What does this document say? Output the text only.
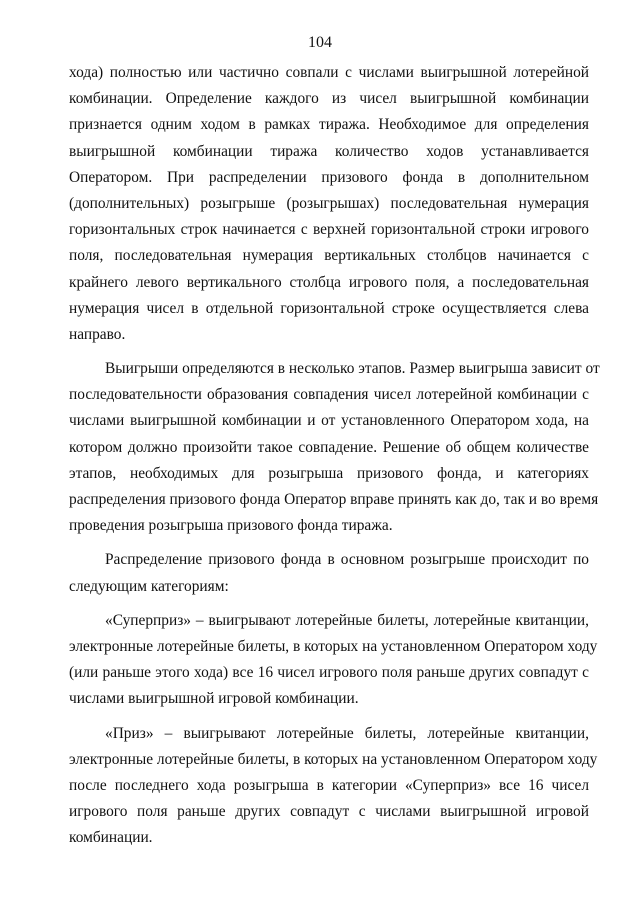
104
хода) полностью или частично совпали с числами выигрышной лотерейной
комбинации. Определение каждого из чисел выигрышной комбинации
признается одним ходом в рамках тиража. Необходимое для определения
выигрышной комбинации тиража количество ходов устанавливается
Оператором. При распределении призового фонда в дополнительном
(дополнительных) розыгрыше (розыгрышах) последовательная нумерация
горизонтальных строк начинается с верхней горизонтальной строки игрового
поля, последовательная нумерация вертикальных столбцов начинается с
крайнего левого вертикального столбца игрового поля, а последовательная
нумерация чисел в отдельной горизонтальной строке осуществляется слева
направо.
Выигрыши определяются в несколько этапов. Размер выигрыша зависит от
последовательности образования совпадения чисел лотерейной комбинации с
числами выигрышной комбинации и от установленного Оператором хода, на
котором должно произойти такое совпадение. Решение об общем количестве
этапов, необходимых для розыгрыша призового фонда, и категориях
распределения призового фонда Оператор вправе принять как до, так и во время
проведения розыгрыша призового фонда тиража.
Распределение призового фонда в основном розыгрыше происходит по
следующим категориям:
«Суперприз» – выигрывают лотерейные билеты, лотерейные квитанции,
электронные лотерейные билеты, в которых на установленном Оператором ходу
(или раньше этого хода) все 16 чисел игрового поля раньше других совпадут с
числами выигрышной игровой комбинации.
«Приз» – выигрывают лотерейные билеты, лотерейные квитанции,
электронные лотерейные билеты, в которых на установленном Оператором ходу
после последнего хода розыгрыша в категории «Суперприз» все 16 чисел
игрового поля раньше других совпадут с числами выигрышной игровой
комбинации.
